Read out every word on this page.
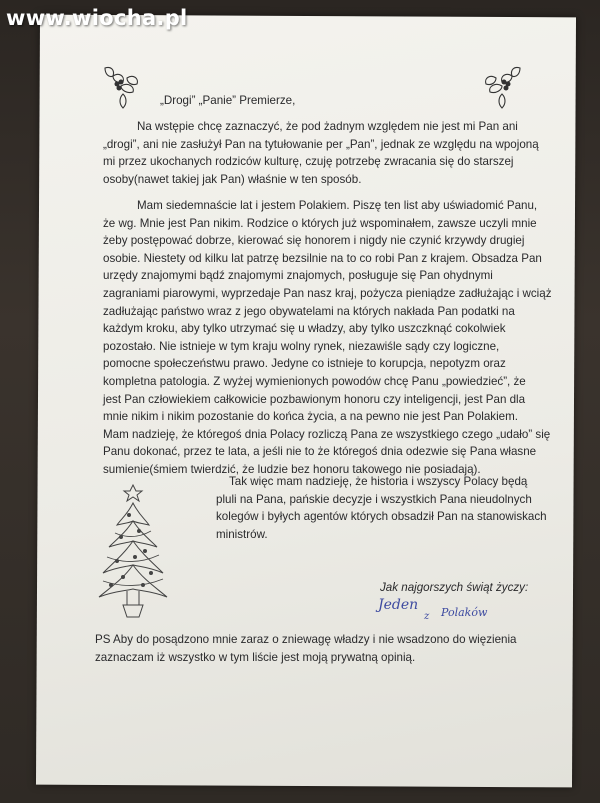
www.wiocha.pl
„Drogi” „Panie” Premierze,

Na wstępie chcę zaznaczyć, że pod żadnym względem nie jest mi Pan ani

„drogi”, ani nie zasłużył Pan na tytułowanie per „Pan”, jednak ze względu na wpojoną

mi przez ukochanych rodziców kulturę, czuję potrzebę zwracania się do starszej

osoby(nawet takiej jak Pan) właśnie w ten sposób.

Mam siedemnaście lat i jestem Polakiem. Piszę ten list aby uświadomić Panu,

że wg. Mnie jest Pan nikim. Rodzice o których już wspominałem, zawsze uczyli mnie

żeby postępować dobrze, kierować się honorem i nigdy nie czynić krzywdy drugiej

osobie. Niestety od kilku lat patrzę bezsilnie na to co robi Pan z krajem. Obsadza Pan

urzędy znajomymi bądź znajomymi znajomych, posługuje się Pan ohydnymi

zagraniami piarowymi, wyprzedaje Pan nasz kraj, pożycza pieniądze zadłużając i wciąż

zadłużając państwo wraz z jego obywatelami na których nakłada Pan podatki na

każdym kroku, aby tylko utrzymać się u władzy, aby tylko uszczknąć cokolwiek

pozostało. Nie istnieje w tym kraju wolny rynek, niezawiśle sądy czy logiczne,

pomocne społeczeństwu prawo. Jedyne co istnieje to korupcja, nepotyzm oraz

kompletna patologia. Z wyżej wymienionych powodów chcę Panu „powiedzieć”, że

jest Pan człowiekiem całkowicie pozbawionym honoru czy inteligencji, jest Pan dla

mnie nikim i nikim pozostanie do końca życia, a na pewno nie jest Pan Polakiem.

Mam nadzieję, że któregoś dnia Polacy rozliczą Pana ze wszystkiego czego „udało” się

Panu dokonać, przez te lata, a jeśli nie to że któregoś dnia odezwie się Pana własne

sumienie(śmiem twierdzić, że ludzie bez honoru takowego nie posiadają).

Tak więc mam nadzieję, że historia i wszyscy Polacy będą

pluli na Pana, pańskie decyzje i wszystkich Pana nieudolnych

kolegów i byłych agentów których obsadził Pan na stanowiskach

ministrów.

Jak najgorszych świąt życzy:
Jeden
z Polaków

PS Aby do posądzono mnie zaraz o zniewagę władzy i nie wsadzono do więzienia

zaznaczam iż wszystko w tym liście jest moją prywatną opinią.
